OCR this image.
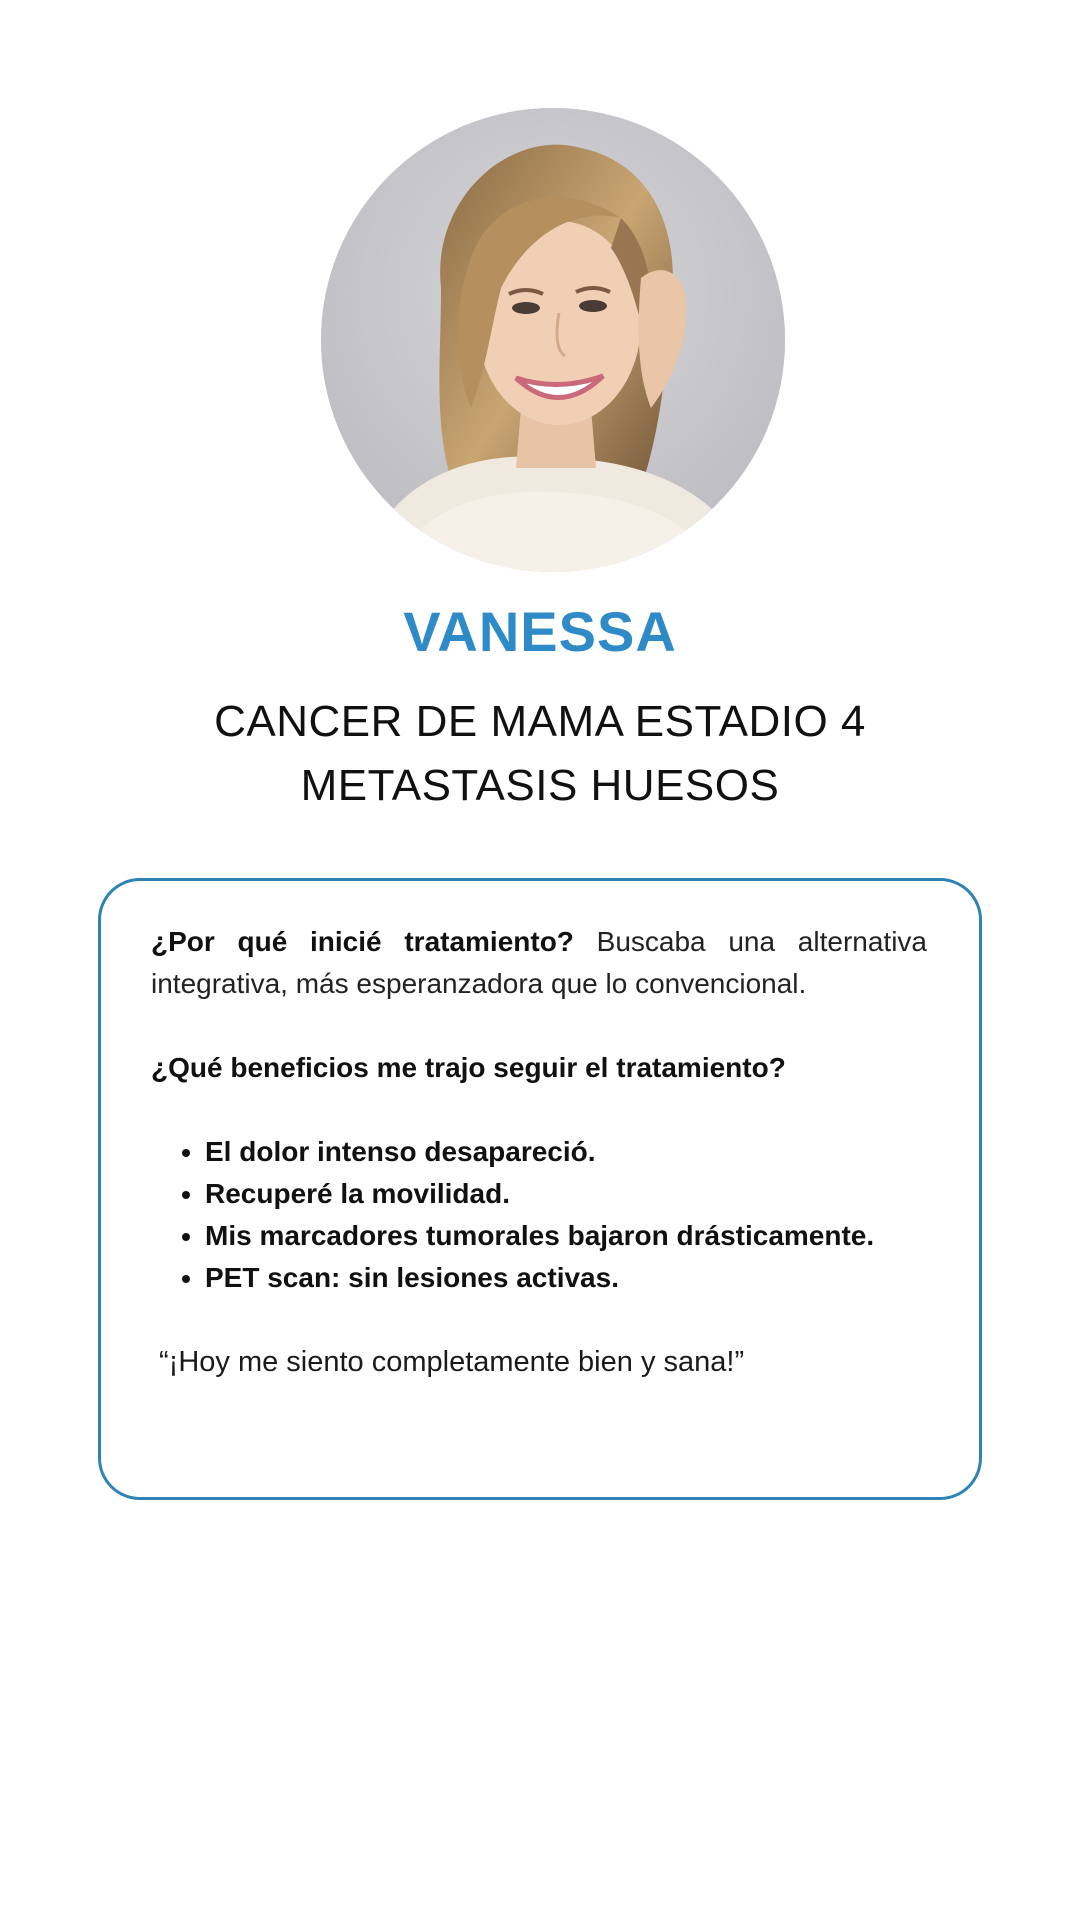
VANESSA
CANCER DE MAMA ESTADIO 4
METASTASIS HUESOS

¿Por qué inicié tratamiento? Buscaba una alternativa integrativa, más esperanzadora que lo convencional.

¿Qué beneficios me trajo seguir el tratamiento?

• El dolor intenso desapareció.
• Recuperé la movilidad.
• Mis marcadores tumorales bajaron drásticamente.
• PET scan: sin lesiones activas.

“¡Hoy me siento completamente bien y sana!”
